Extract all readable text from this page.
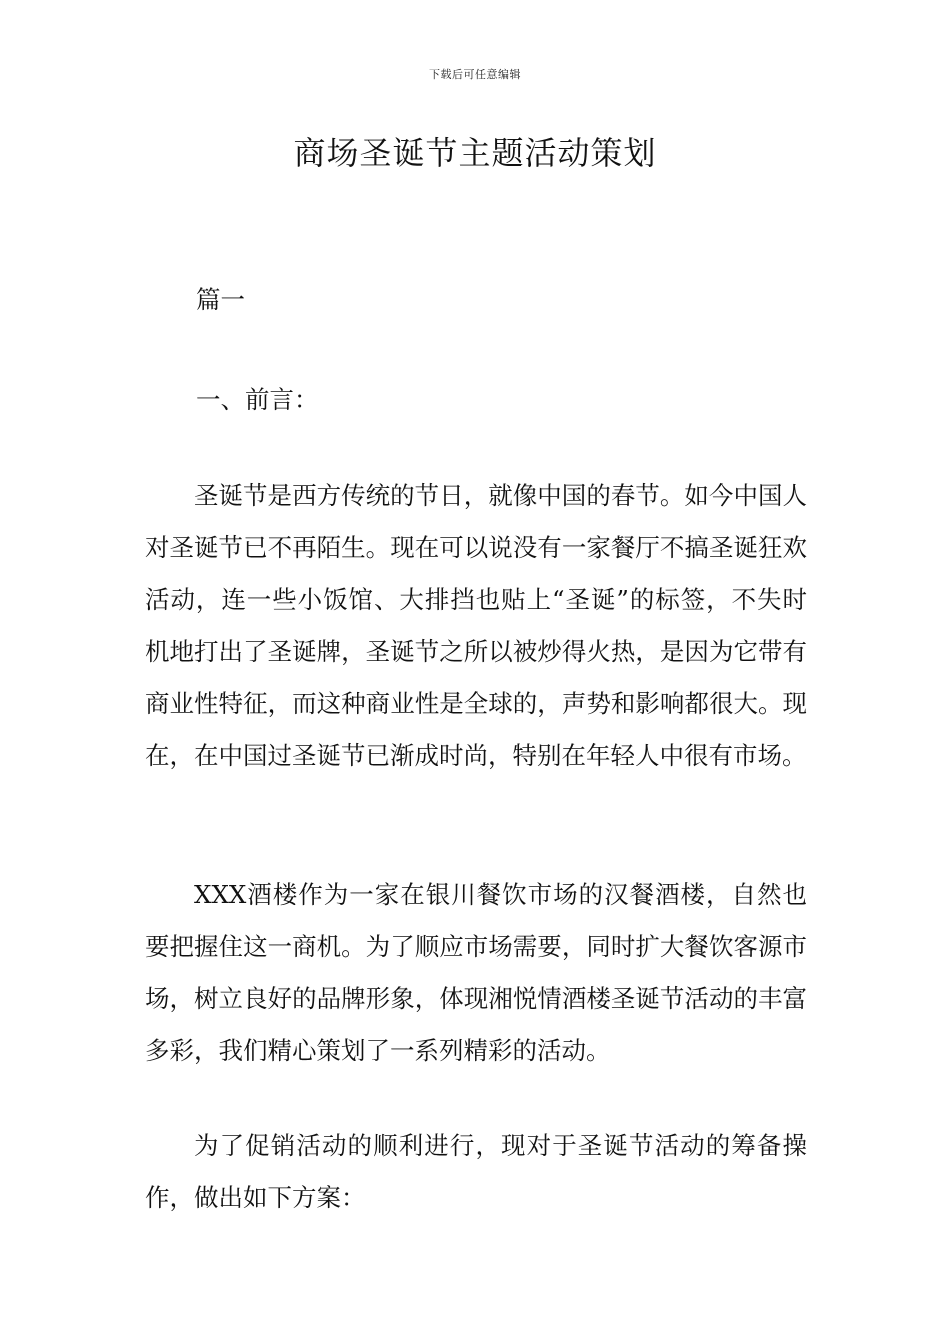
下载后可任意编辑
商场圣诞节主题活动策划

篇一

一、前言：

圣诞节是西方传统的节日，就像中国的春节。如今中国人对圣诞节已不再陌生。现在可以说没有一家餐厅不搞圣诞狂欢活动，连一些小饭馆、大排挡也贴上“圣诞”的标签，不失时机地打出了圣诞牌，圣诞节之所以被炒得火热，是因为它带有商业性特征，而这种商业性是全球的，声势和影响都很大。现在，在中国过圣诞节已渐成时尚，特别在年轻人中很有市场。

XXX酒楼作为一家在银川餐饮市场的汉餐酒楼，自然也要把握住这一商机。为了顺应市场需要，同时扩大餐饮客源市场，树立良好的品牌形象，体现湘悦情酒楼圣诞节活动的丰富多彩，我们精心策划了一系列精彩的活动。

为了促销活动的顺利进行，现对于圣诞节活动的筹备操作，做出如下方案：
